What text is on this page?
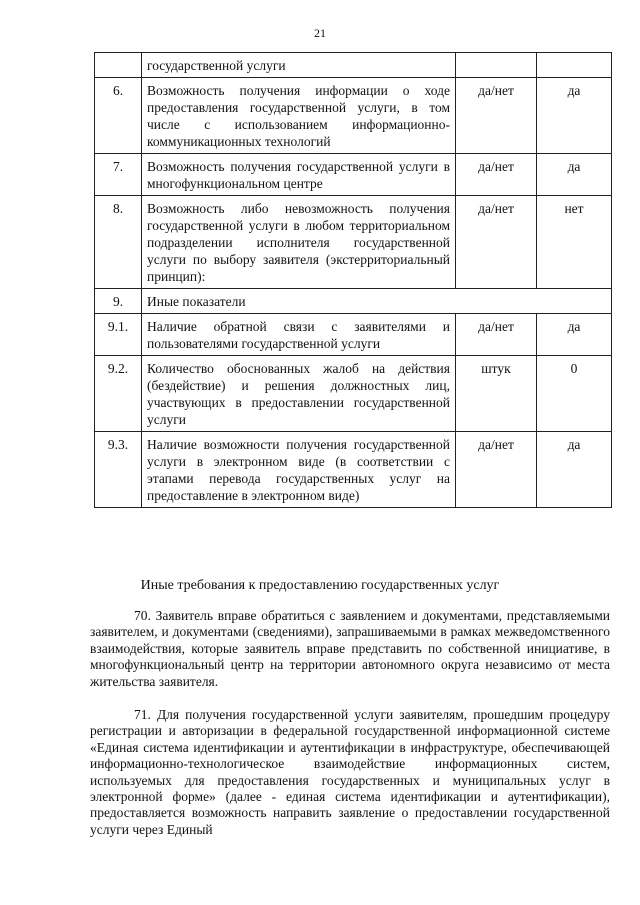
21
	государственной услуги		
6.	Возможность получения информации о ходе предоставления государственной услуги, в том числе с использованием информационно-коммуникационных технологий	да/нет	да
7.	Возможность получения государственной услуги в многофункциональном центре	да/нет	да
8.	Возможность либо невозможность получения государственной услуги в любом территориальном подразделении исполнителя государственной услуги по выбору заявителя (экстерриториальный принцип):	да/нет	нет
9.	Иные показатели		
9.1.	Наличие обратной связи с заявителями и пользователями государственной услуги	да/нет	да
9.2.	Количество обоснованных жалоб на действия (бездействие) и решения должностных лиц, участвующих в предоставлении государственной услуги	штук	0
9.3.	Наличие возможности получения государственной услуги в электронном виде (в соответствии с этапами перевода государственных услуг на предоставление в электронном виде)	да/нет	да
Иные требования к предоставлению государственных услуг

70. Заявитель вправе обратиться с заявлением и документами, представляемыми заявителем, и документами (сведениями), запрашиваемыми в рамках межведомственного взаимодействия, которые заявитель вправе представить по собственной инициативе, в многофункциональный центр на территории автономного округа независимо от места жительства заявителя.

71. Для получения государственной услуги заявителям, прошедшим процедуру регистрации и авторизации в федеральной государственной информационной системе «Единая система идентификации и аутентификации в инфраструктуре, обеспечивающей информационно-технологическое взаимодействие информационных систем, используемых для предоставления государственных и муниципальных услуг в электронной форме» (далее - единая система идентификации и аутентификации), предоставляется возможность направить заявление о предоставлении государственной услуги через Единый
